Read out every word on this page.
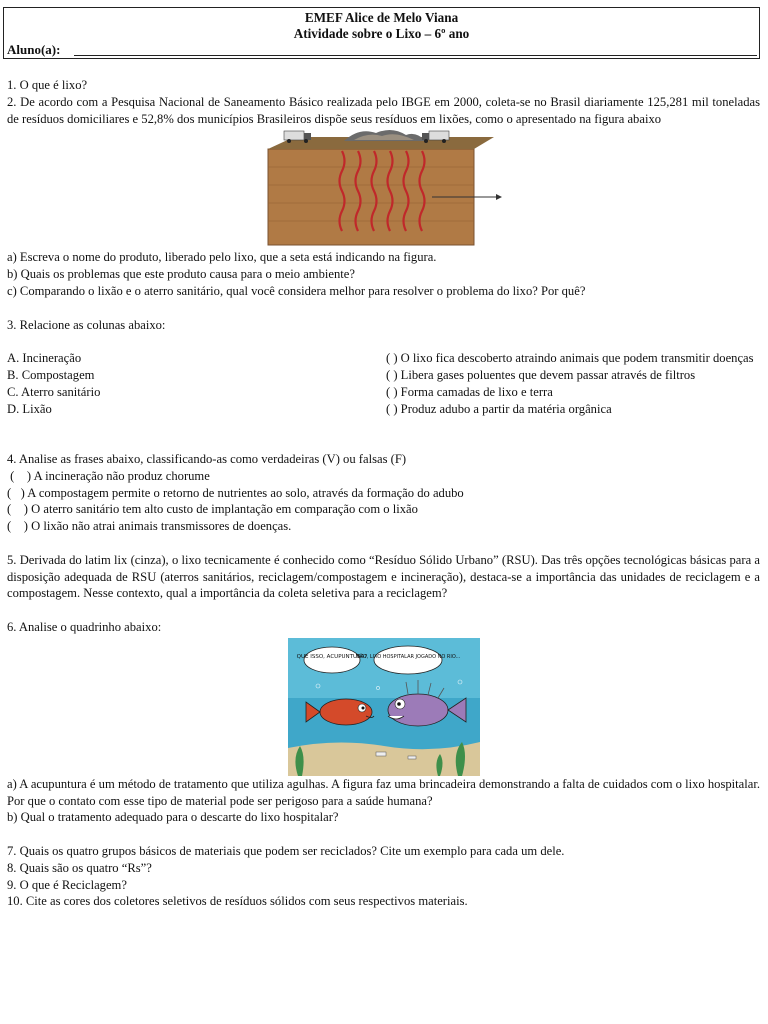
EMEF Alice de Melo Viana
Atividade sobre o Lixo – 6º ano
Aluno(a):

1. O que é lixo?

2. De acordo com a Pesquisa Nacional de Saneamento Básico realizada pelo IBGE em 2000, coleta-se no Brasil diariamente 125,281 mil toneladas de resíduos domiciliares e 52,8% dos municípios Brasileiros dispõe seus resíduos em lixões, como o apresentado na figura abaixo

a) Escreva o nome do produto, liberado pelo lixo, que a seta está indicando na figura.

b) Quais os problemas que este produto causa para o meio ambiente?

c) Comparando o lixão e o aterro sanitário, qual você considera melhor para resolver o problema do lixo? Por quê?

3. Relacione as colunas abaixo:

A. Incineração

B. Compostagem

C. Aterro sanitário

D. Lixão

( ) O lixo fica descoberto atraindo animais que podem transmitir doenças

( ) Libera gases poluentes que devem passar através de filtros

( ) Forma camadas de lixo e terra

( ) Produz adubo a partir da matéria orgânica

4. Analise as frases abaixo, classificando-as como verdadeiras (V) ou falsas (F)

(    ) A incineração não produz chorume

(   ) A compostagem permite o retorno de nutrientes ao solo, através da formação do adubo

(    ) O aterro sanitário tem alto custo de implantação em comparação com o lixão

(    ) O lixão não atrai animais transmissores de doenças.

5. Derivada do latim lix (cinza), o lixo tecnicamente é conhecido como “Resíduo Sólido Urbano” (RSU). Das três opções tecnológicas básicas para a disposição adequada de RSU (aterros sanitários, reciclagem/compostagem e incineração), destaca-se a importância das unidades de reciclagem e a compostagem. Nesse contexto, qual a importância da coleta seletiva para a reciclagem?

6. Analise o quadrinho abaixo:

QUE ISSO, ACUPUNTURA?
NÃO, LIXO HOSPITALAR JOGADO NO RIO...

a) A acupuntura é um método de tratamento que utiliza agulhas. A figura faz uma brincadeira demonstrando a falta de cuidados com o lixo hospitalar. Por que o contato com esse tipo de material pode ser perigoso para a saúde humana?

b) Qual o tratamento adequado para o descarte do lixo hospitalar?

7. Quais os quatro grupos básicos de materiais que podem ser reciclados? Cite um exemplo para cada um dele.

8. Quais são os quatro “Rs”?

9. O que é Reciclagem?

10. Cite as cores dos coletores seletivos de resíduos sólidos com seus respectivos materiais.
